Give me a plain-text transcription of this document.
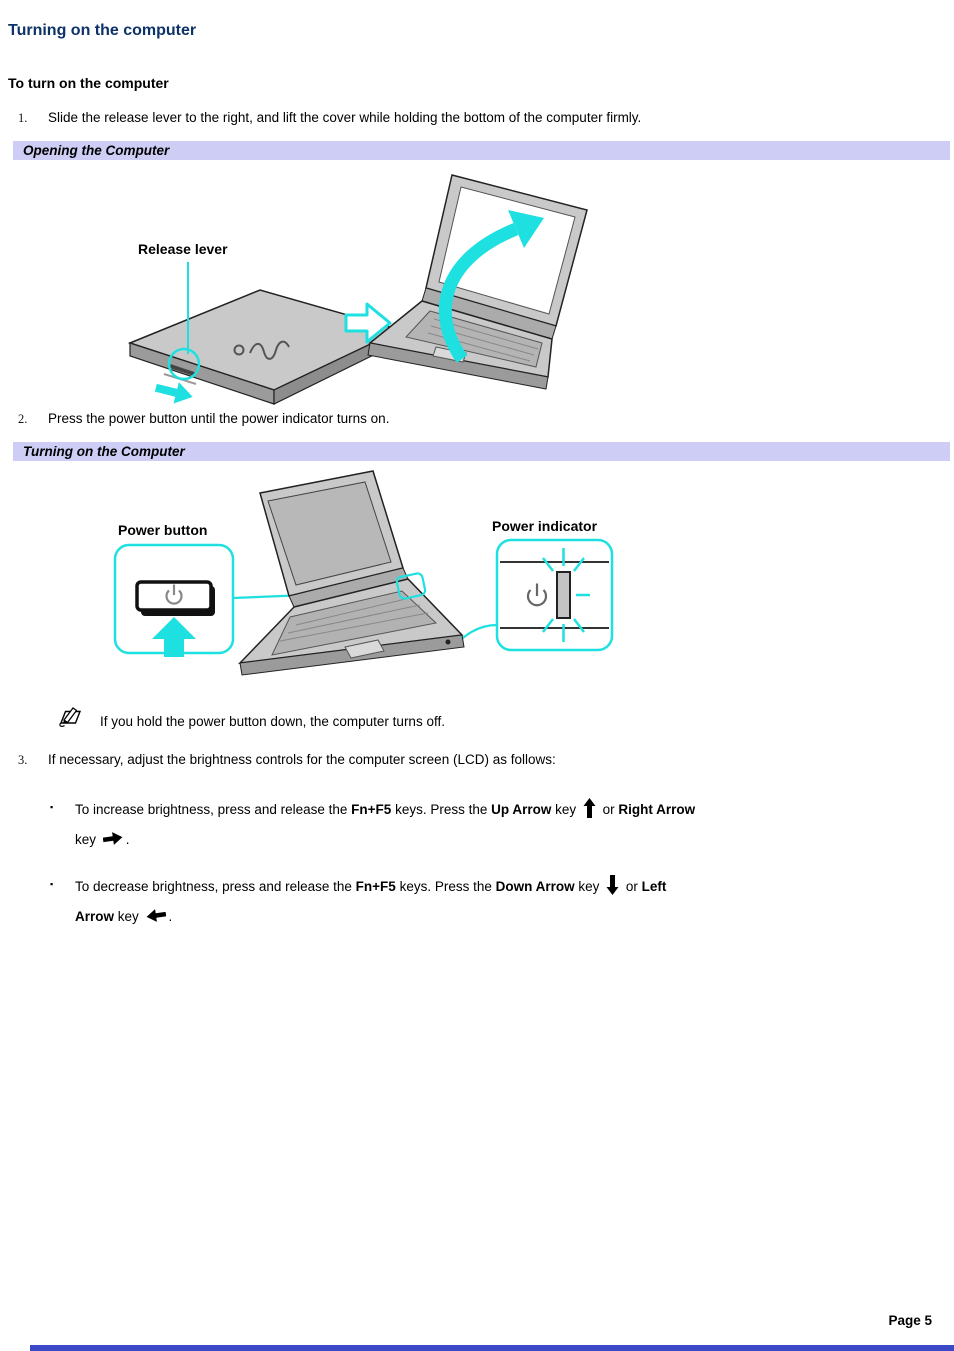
Turning on the computer
To turn on the computer
1. Slide the release lever to the right, and lift the cover while holding the bottom of the computer firmly.
Opening the Computer
Release lever
2. Press the power button until the power indicator turns on.
Turning on the Computer
Power button	Power indicator
If you hold the power button down, the computer turns off.
3. If necessary, adjust the brightness controls for the computer screen (LCD) as follows:
▪ To increase brightness, press and release the Fn+F5 keys. Press the Up Arrow key  or Right Arrow
key .
▪ To decrease brightness, press and release the Fn+F5 keys. Press the Down Arrow key  or Left
Arrow key .
Page 5
